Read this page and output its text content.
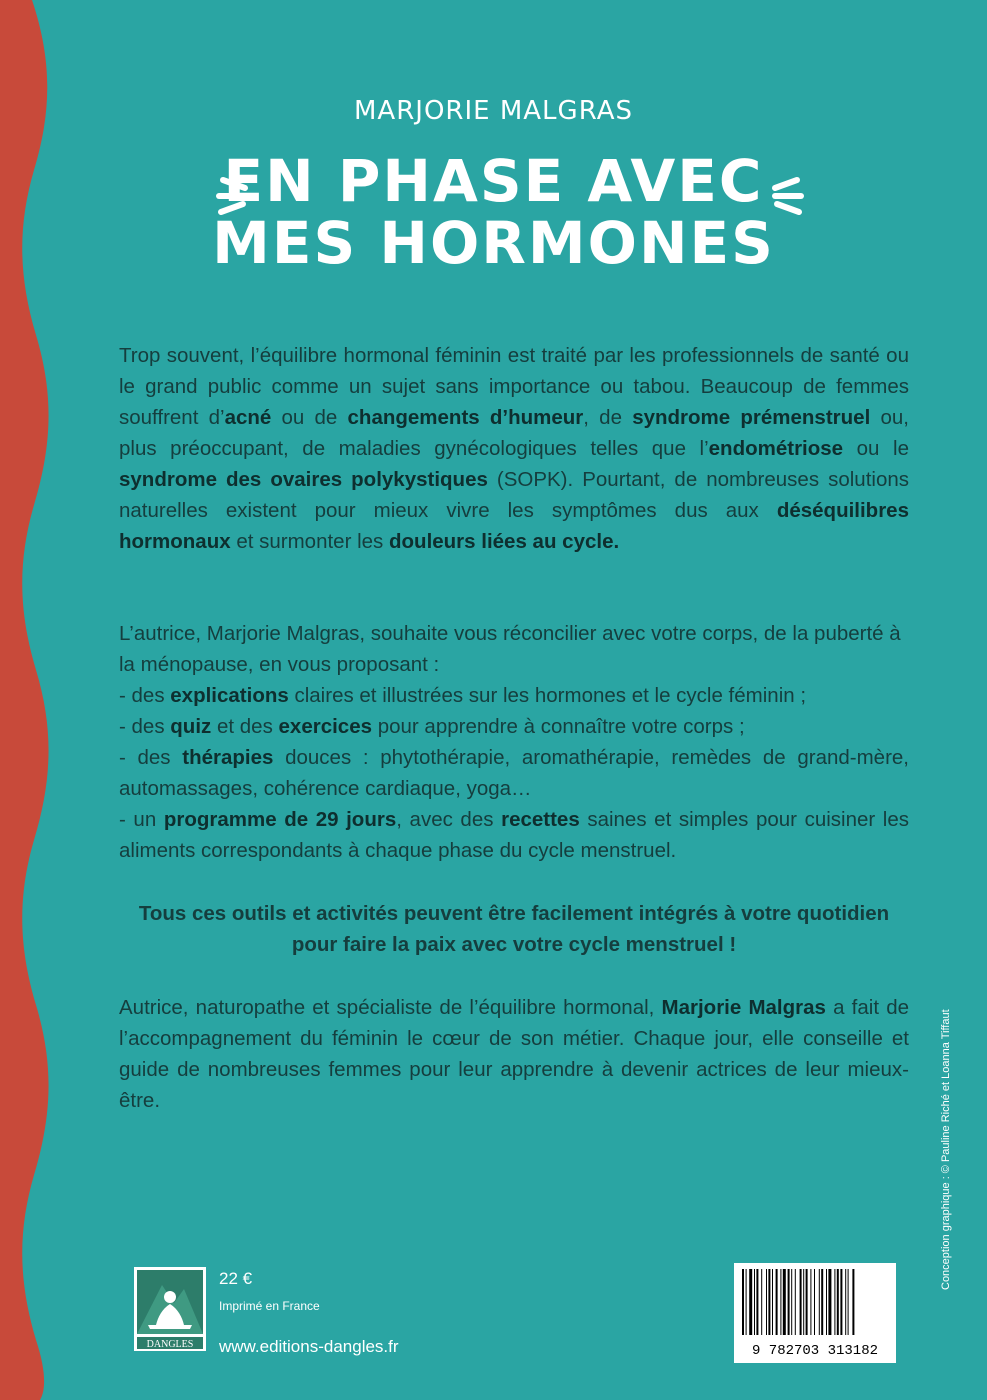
MARJORIE MALGRAS
EN PHASE AVEC
MES HORMONES
Trop souvent, l’équilibre hormonal féminin est traité par les professionnels de santé ou le grand public comme un sujet sans importance ou tabou. Beaucoup de femmes souffrent d’acné ou de changements d’humeur, de syndrome prémenstruel ou, plus préoccupant, de maladies gynécologiques telles que l’endométriose ou le syndrome des ovaires polykystiques (SOPK). Pourtant, de nombreuses solutions naturelles existent pour mieux vivre les symptômes dus aux déséquilibres hormonaux et surmonter les douleurs liées au cycle.
L’autrice, Marjorie Malgras, souhaite vous réconcilier avec votre corps, de la puberté à la ménopause, en vous proposant :
- des explications claires et illustrées sur les hormones et le cycle féminin ;
- des quiz et des exercices pour apprendre à connaître votre corps ;
- des thérapies douces : phytothérapie, aromathérapie, remèdes de grand-mère, automassages, cohérence cardiaque, yoga…
- un programme de 29 jours, avec des recettes saines et simples pour cuisiner les aliments correspondants à chaque phase du cycle menstruel.
Tous ces outils et activités peuvent être facilement intégrés à votre quotidien pour faire la paix avec votre cycle menstruel !
Autrice, naturopathe et spécialiste de l’équilibre hormonal, Marjorie Malgras a fait de l’accompagnement du féminin le cœur de son métier. Chaque jour, elle conseille et guide de nombreuses femmes pour leur apprendre à devenir actrices de leur mieux-être.	Conception graphique : © Pauline Riché et Loanna Tiffaut
DANGLES
22 €
Imprimé en France
www.editions-dangles.fr	9 782703 313182
